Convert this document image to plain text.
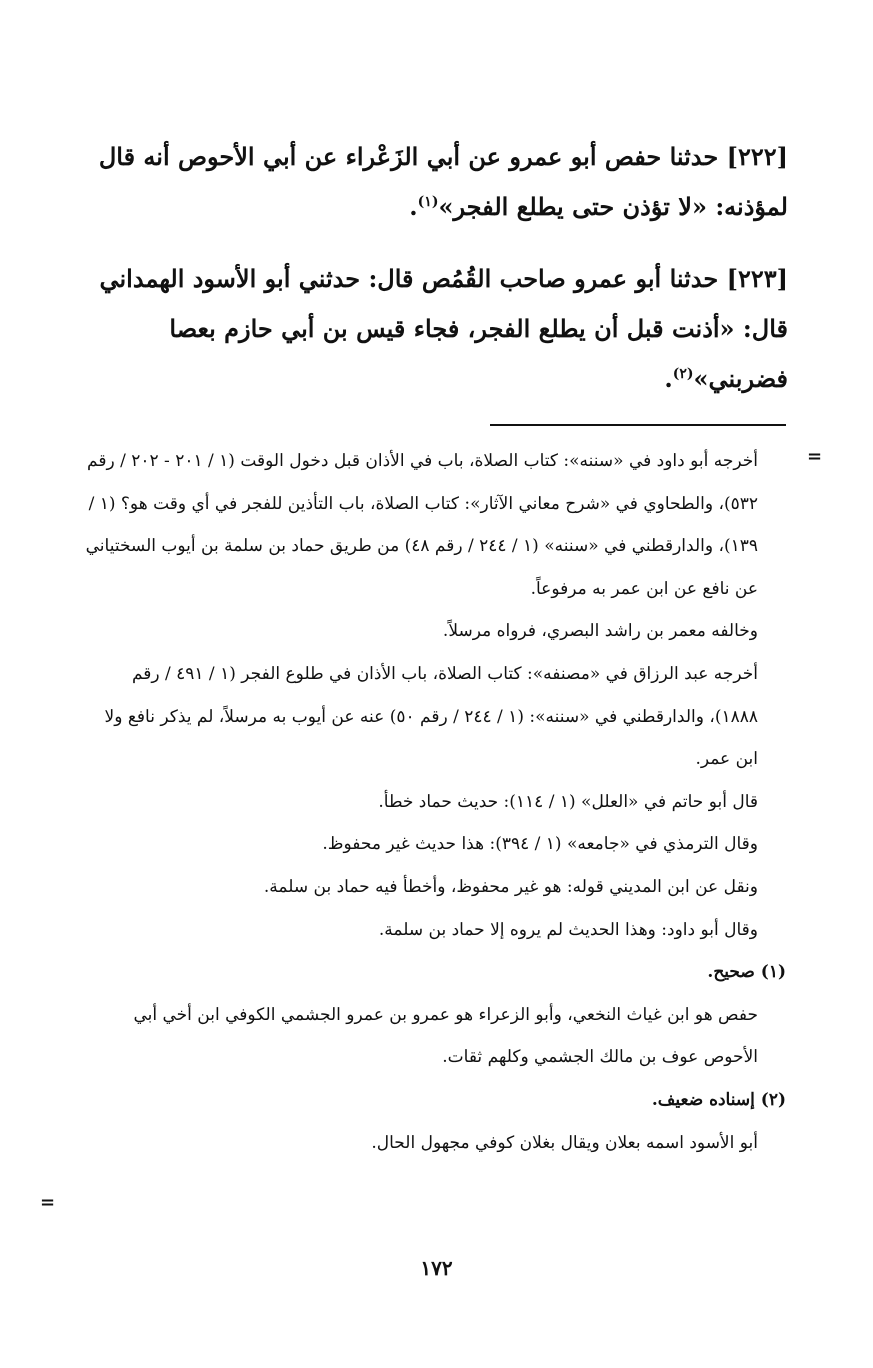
[٢٢٢] حدثنا حفص أبو عمرو عن أبي الزَعْراء عن أبي الأحوص أنه قال لمؤذنه: «لا تؤذن حتى يطلع الفجر»$^{(١)}$.

[٢٢٣] حدثنا أبو عمرو صاحب القُمُص قال: حدثني أبو الأسود الهمداني قال: «أذنت قبل أن يطلع الفجر، فجاء قيس بن أبي حازم بعصا فضربني»$^{(٢)}$.

=

أخرجه أبو داود في «سننه»: كتاب الصلاة، باب في الأذان قبل دخول الوقت (١ / ٢٠١ - ٢٠٢ / رقم ٥٣٢)، والطحاوي في «شرح معاني الآثار»: كتاب الصلاة، باب التأذين للفجر في أي وقت هو؟ (١ / ١٣٩)، والدارقطني في «سننه» (١ / ٢٤٤ / رقم ٤٨) من طريق حماد بن سلمة بن أيوب السختياني عن نافع عن ابن عمر به مرفوعاً.

وخالفه معمر بن راشد البصري، فرواه مرسلاً.

أخرجه عبد الرزاق في «مصنفه»: كتاب الصلاة، باب الأذان في طلوع الفجر (١ / ٤٩١ / رقم ١٨٨٨)، والدارقطني في «سننه»: (١ / ٢٤٤ / رقم ٥٠) عنه عن أيوب به مرسلاً، لم يذكر نافع ولا ابن عمر.

قال أبو حاتم في «العلل» (١ / ١١٤): حديث حماد خطأ.

وقال الترمذي في «جامعه» (١ / ٣٩٤): هذا حديث غير محفوظ.

ونقل عن ابن المديني قوله: هو غير محفوظ، وأخطأ فيه حماد بن سلمة.

وقال أبو داود: وهذا الحديث لم يروه إلا حماد بن سلمة.

(١) صحيح.

حفص هو ابن غياث النخعي، وأبو الزعراء هو عمرو بن عمرو الجشمي الكوفي ابن أخي أبي الأحوص عوف بن مالك الجشمي وكلهم ثقات.

(٢) إسناده ضعيف.

أبو الأسود اسمه بعلان ويقال بغلان كوفي مجهول الحال.

=
١٧٢
